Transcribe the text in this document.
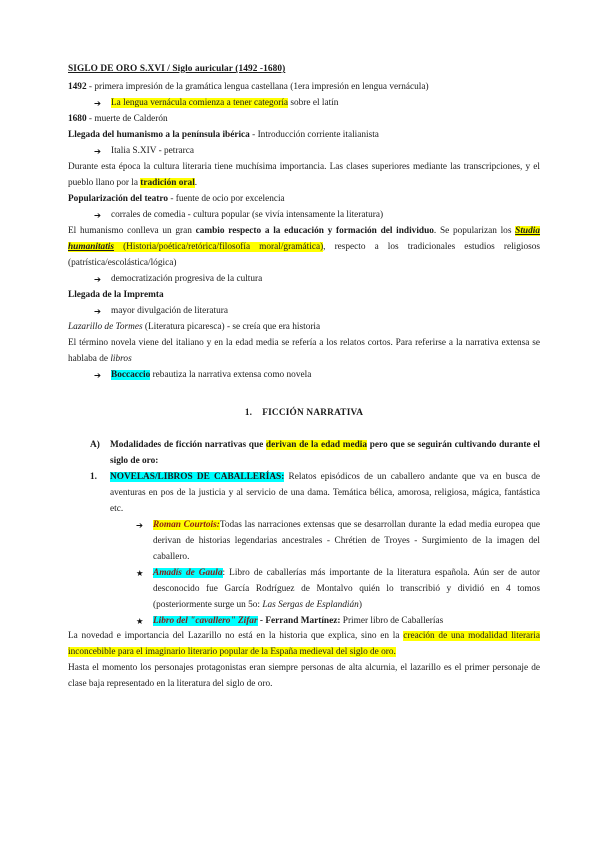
SIGLO DE ORO S.XVI / Siglo auricular (1492 -1680)
1492 - primera impresión de la gramática lengua castellana (1era impresión en lengua vernácula)
➔	La lengua vernácula comienza a tener categoría sobre el latín
1680 - muerte de Calderón
Llegada del humanismo a la península ibérica - Introducción corriente italianista
➔	Italia S.XIV - petrarca
Durante esta época la cultura literaria tiene muchísima importancia. Las clases superiores mediante las transcripciones, y el pueblo llano por la tradición oral.
Popularización del teatro - fuente de ocio por excelencia
➔	corrales de comedia - cultura popular (se vivía intensamente la literatura)
El humanismo conlleva un gran cambio respecto a la educación y formación del individuo. Se popularizan los Studia humanitatis (Historia/poética/retórica/filosofía moral/gramática), respecto a los tradicionales estudios religiosos (patrística/escolástica/lógica)
➔	democratización progresiva de la cultura
Llegada de la Impremta
➔	mayor divulgación de literatura
Lazarillo de Tormes (Literatura picaresca) - se creía que era historia
El término novela viene del italiano y en la edad media se refería a los relatos cortos. Para referirse a la narrativa extensa se hablaba de libros
➔	Boccaccio rebautiza la narrativa extensa como novela
1. FICCIÓN NARRATIVA
A)	Modalidades de ficción narrativas que derivan de la edad media pero que se seguirán cultivando durante el siglo de oro:
1.	NOVELAS/LIBROS DE CABALLERÍAS: Relatos episódicos de un caballero andante que va en busca de aventuras en pos de la justicia y al servicio de una dama. Temática bélica, amorosa, religiosa, mágica, fantástica etc.
➔	Roman Courtois:Todas las narraciones extensas que se desarrollan durante la edad media europea que derivan de historias legendarias ancestrales - Chrétien de Troyes - Surgimiento de la imagen del caballero.
★	Amadís de Gaula: Libro de caballerías más importante de la literatura española. Aún ser de autor desconocido fue García Rodríguez de Montalvo quién lo transcribió y dividió en 4 tomos (posteriormente surge un 5o: Las Sergas de Esplandián)
★	Libro del "cavallero" Zifar - Ferrand Martínez: Primer libro de Caballerías
La novedad e importancia del Lazarillo no está en la historia que explica, sino en la creación de una modalidad literaria inconcebible para el imaginario literario popular de la España medieval del siglo de oro.
Hasta el momento los personajes protagonistas eran siempre personas de alta alcurnia, el lazarillo es el primer personaje de clase baja representado en la literatura del siglo de oro.
